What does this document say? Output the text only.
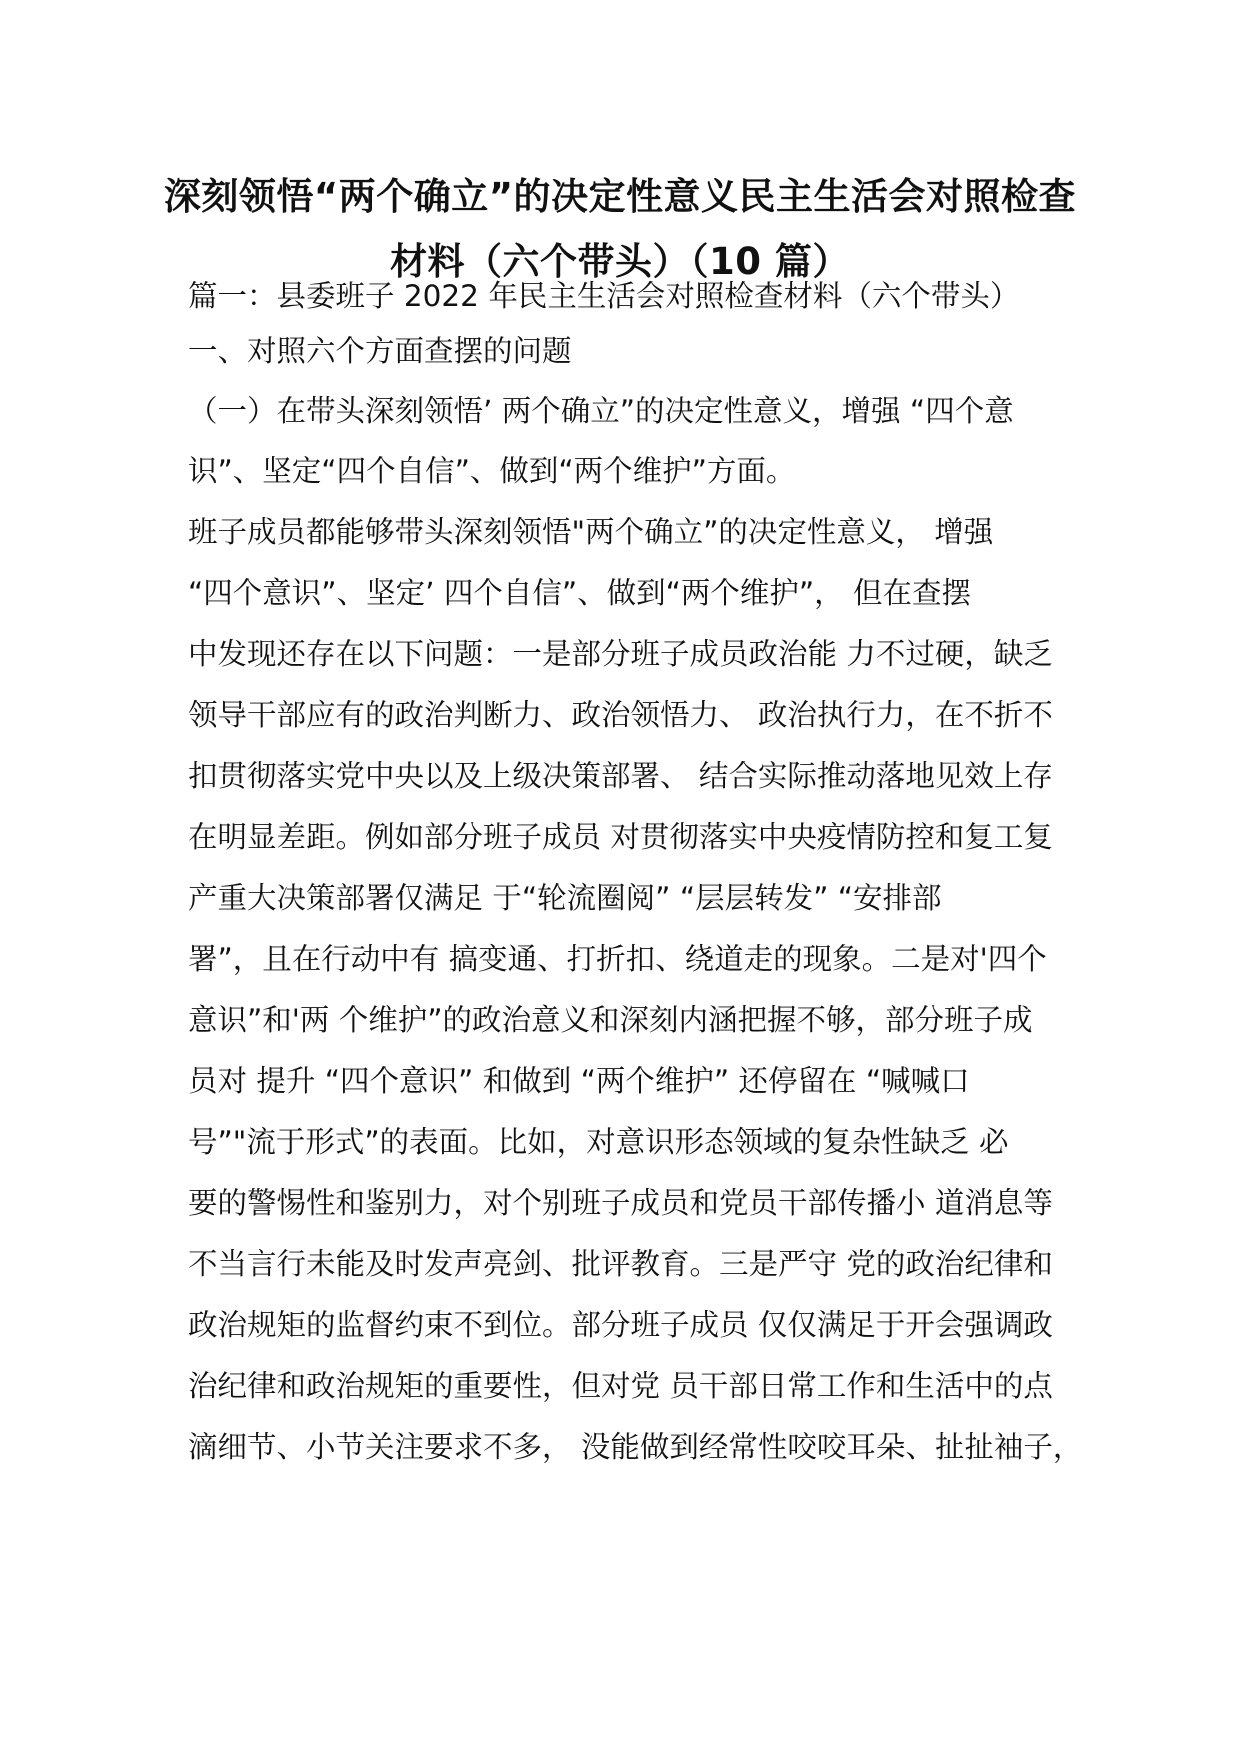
深刻领悟“两个确立”的决定性意义民主生活会对照检查
材料（六个带头）（10 篇）

篇一：县委班子 2022 年民主生活会对照检查材料（六个带头）

一、对照六个方面查摆的问题

（一）在带头深刻领悟’ 两个确立”的决定性意义，增强 “四个意

识”、坚定“四个自信”、做到“两个维护”方面。

班子成员都能够带头深刻领悟"两个确立”的决定性意义， 增强

“四个意识”、坚定’ 四个自信”、做到“两个维护”， 但在查摆

中发现还存在以下问题：一是部分班子成员政治能 力不过硬，缺乏

领导干部应有的政治判断力、政治领悟力、 政治执行力，在不折不

扣贯彻落实党中央以及上级决策部署、 结合实际推动落地见效上存

在明显差距。例如部分班子成员 对贯彻落实中央疫情防控和复工复

产重大决策部署仅满足 于“轮流圈阅” “层层转发” “安排部

署”，且在行动中有 搞变通、打折扣、绕道走的现象。二是对'四个

意识”和'两 个维护”的政治意义和深刻内涵把握不够，部分班子成

员对 提升 “四个意识” 和做到 “两个维护” 还停留在 “喊喊口

号”"流于形式”的表面。比如，对意识形态领域的复杂性缺乏 必

要的警惕性和鉴别力，对个别班子成员和党员干部传播小 道消息等

不当言行未能及时发声亮剑、批评教育。三是严守 党的政治纪律和

政治规矩的监督约束不到位。部分班子成员 仅仅满足于开会强调政

治纪律和政治规矩的重要性，但对党 员干部日常工作和生活中的点

滴细节、小节关注要求不多， 没能做到经常性咬咬耳朵、扯扯袖子，
